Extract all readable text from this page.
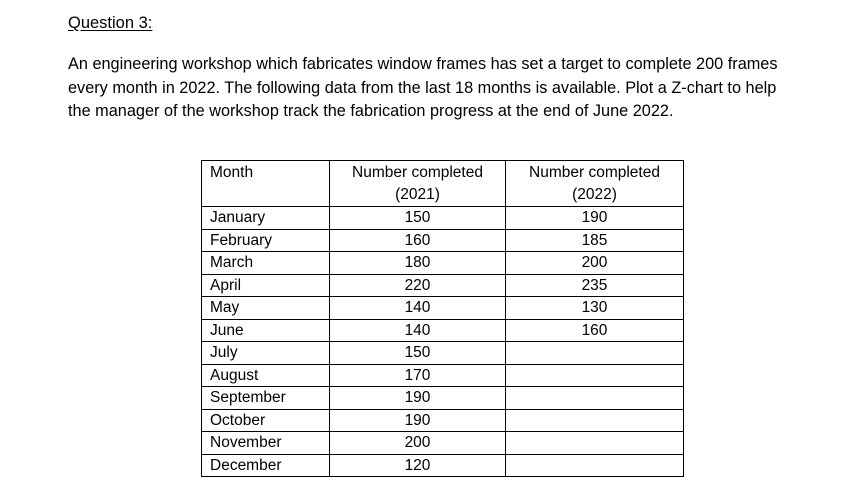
Question 3:

An engineering workshop which fabricates window frames has set a target to complete 200 frames

every month in 2022. The following data from the last 18 months is available. Plot a Z-chart to help

the manager of the workshop track the fabrication progress at the end of June 2022.

Month	Number completed (2021)	Number completed (2022)
January	150	190
February	160	185
March	180	200
April	220	235
May	140	130
June	140	160
July	150	
August	170	
September	190	
October	190	
November	200	
December	120	
